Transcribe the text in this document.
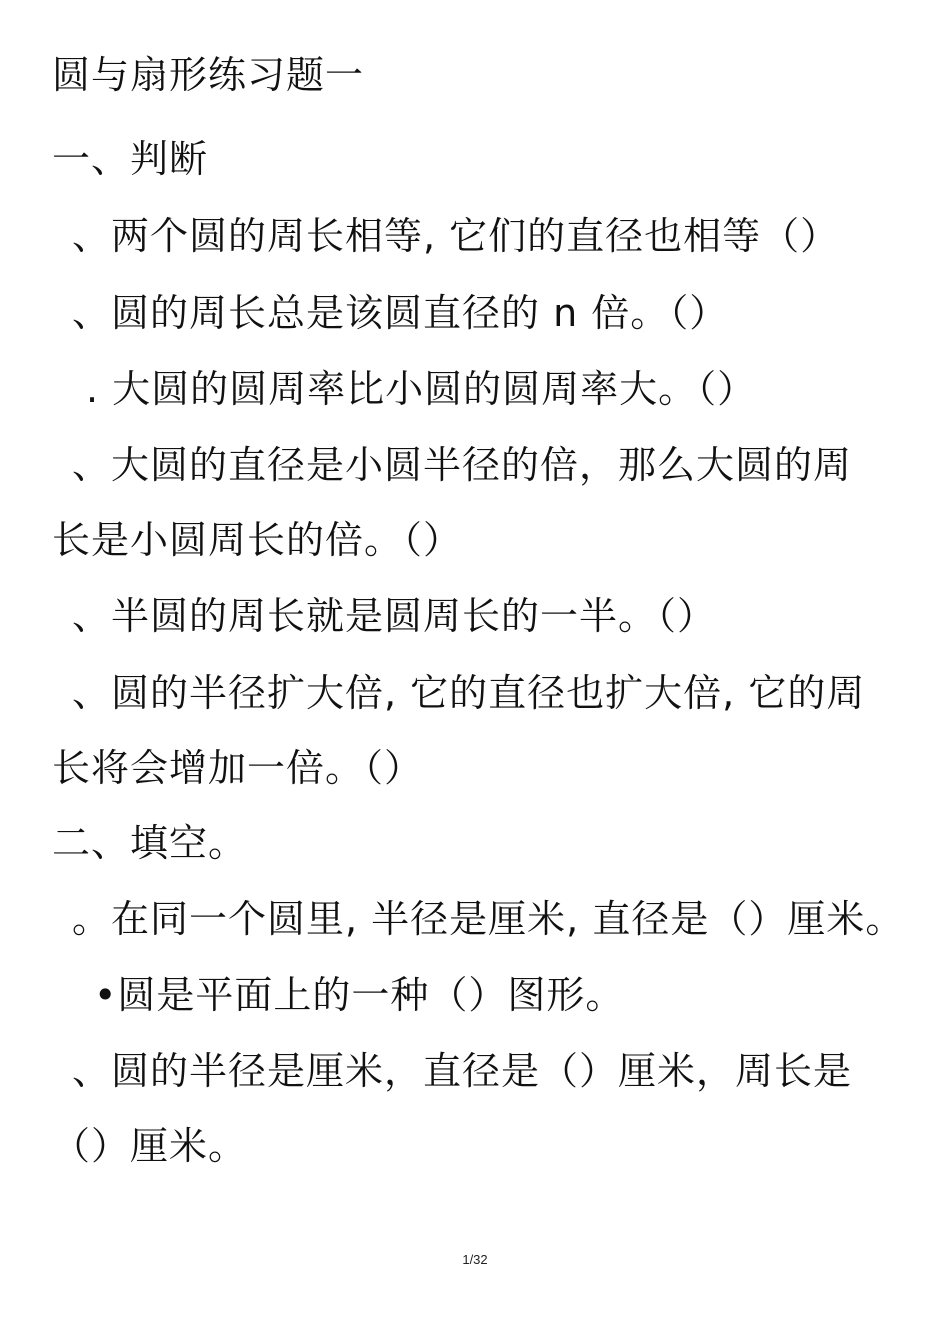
圆与扇形练习题一
一、判断
、两个圆的周长相等, 它们的直径也相等（）
、圆的周长总是该圆直径的 n 倍。（）
. 大圆的圆周率比小圆的圆周率大。（）
、大圆的直径是小圆半径的倍，那么大圆的周
长是小圆周长的倍。（）
、半圆的周长就是圆周长的一半。（）
、圆的半径扩大倍, 它的直径也扩大倍, 它的周
长将会增加一倍。（）
二、填空。
。在同一个圆里, 半径是厘米, 直径是（）厘米。
•圆是平面上的一种（）图形。
、圆的半径是厘米，直径是（）厘米，周长是
（）厘米。
1/32
